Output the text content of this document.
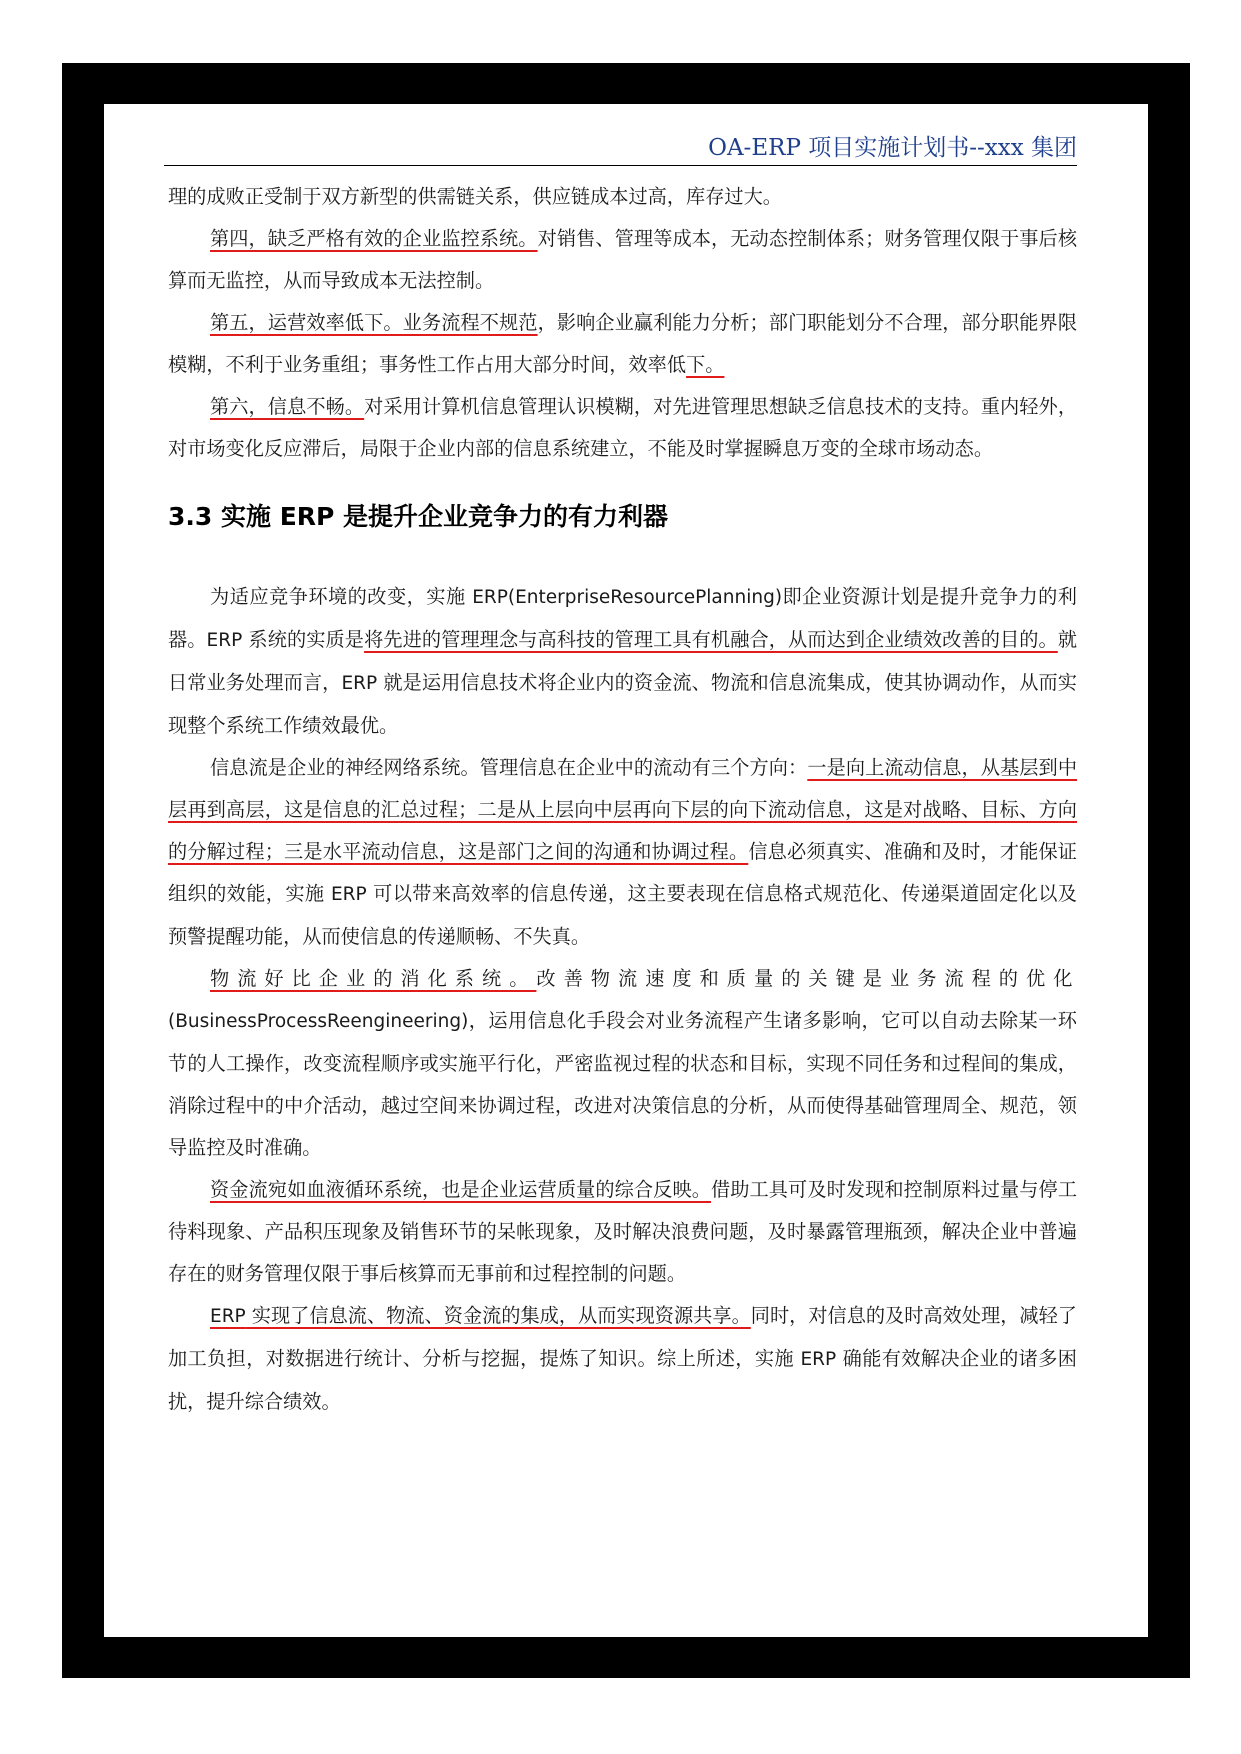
OA-ERP 项目实施计划书--xxx 集团

理的成败正受制于双方新型的供需链关系，供应链成本过高，库存过大。

第四，缺乏严格有效的企业监控系统。对销售、管理等成本，无动态控制体系；财务管理仅限于事后核算而无监控，从而导致成本无法控制。

第五，运营效率低下。业务流程不规范，影响企业赢利能力分析；部门职能划分不合理，部分职能界限模糊，不利于业务重组；事务性工作占用大部分时间，效率低下。

第六，信息不畅。对采用计算机信息管理认识模糊，对先进管理思想缺乏信息技术的支持。重内轻外，对市场变化反应滞后，局限于企业内部的信息系统建立，不能及时掌握瞬息万变的全球市场动态。

3.3 实施 ERP 是提升企业竞争力的有力利器

为适应竞争环境的改变，实施 ERP(EnterpriseResourcePlanning)即企业资源计划是提升竞争力的利器。ERP 系统的实质是将先进的管理理念与高科技的管理工具有机融合，从而达到企业绩效改善的目的。就日常业务处理而言，ERP 就是运用信息技术将企业内的资金流、物流和信息流集成，使其协调动作，从而实现整个系统工作绩效最优。

信息流是企业的神经网络系统。管理信息在企业中的流动有三个方向：一是向上流动信息，从基层到中层再到高层，这是信息的汇总过程；二是从上层向中层再向下层的向下流动信息，这是对战略、目标、方向的分解过程；三是水平流动信息，这是部门之间的沟通和协调过程。信息必须真实、准确和及时，才能保证组织的效能，实施 ERP 可以带来高效率的信息传递，这主要表现在信息格式规范化、传递渠道固定化以及预警提醒功能，从而使信息的传递顺畅、不失真。

物流好比企业的消化系统。改善物流速度和质量的关键是业务流程的优化(BusinessProcessReengineering)，运用信息化手段会对业务流程产生诸多影响，它可以自动去除某一环节的人工操作，改变流程顺序或实施平行化，严密监视过程的状态和目标，实现不同任务和过程间的集成，消除过程中的中介活动，越过空间来协调过程，改进对决策信息的分析，从而使得基础管理周全、规范，领导监控及时准确。

资金流宛如血液循环系统，也是企业运营质量的综合反映。借助工具可及时发现和控制原料过量与停工待料现象、产品积压现象及销售环节的呆帐现象，及时解决浪费问题，及时暴露管理瓶颈，解决企业中普遍存在的财务管理仅限于事后核算而无事前和过程控制的问题。

ERP 实现了信息流、物流、资金流的集成，从而实现资源共享。同时，对信息的及时高效处理，减轻了加工负担，对数据进行统计、分析与挖掘，提炼了知识。综上所述，实施 ERP 确能有效解决企业的诸多困扰，提升综合绩效。
